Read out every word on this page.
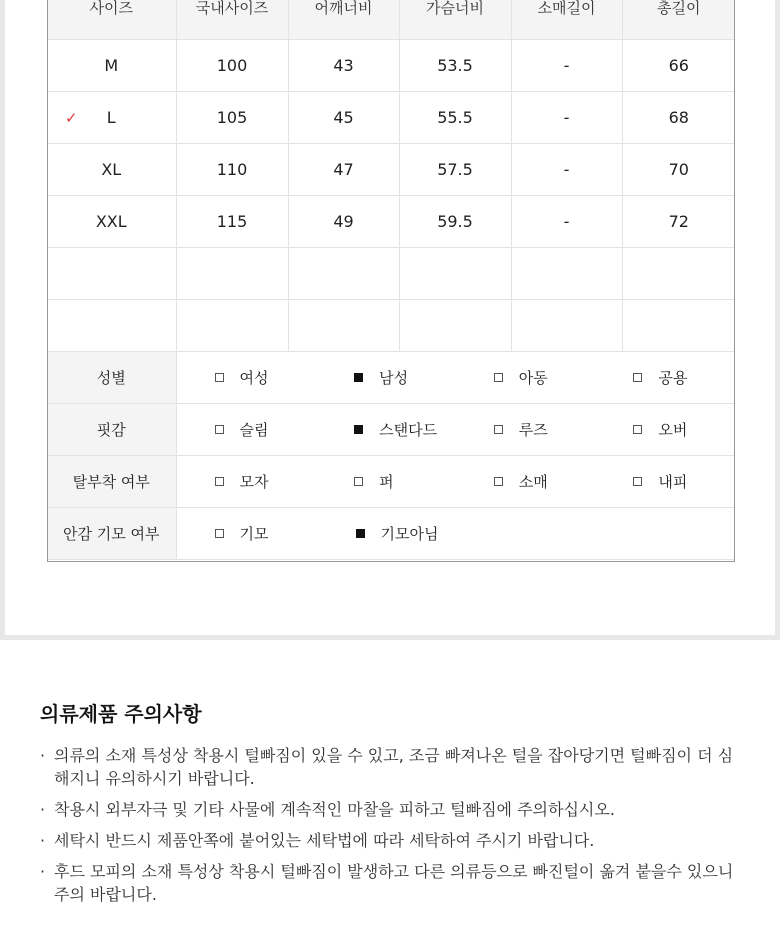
사이즈	국내사이즈	어깨너비	가슴너비	소매길이	총길이
M	100	43	53.5	-	66

✓ L	105	45	55.5	-	68
XL	110	47	57.5	-	70
XXL	115	49	59.5	-	72

성별	여성 남성 아동 공용				

핏감	슬림 스탠다드 루즈 오버				

탈부착 여부	모자 퍼 소매 내피				

안감 기모 여부	기모 기모아님				
의류제품 주의사항
· 의류의 소재 특성상 착용시 털빠짐이 있을 수 있고, 조금 빠져나온 털을 잡아당기면 털빠짐이 더 심해지니 유의하시기 바랍니다.
· 착용시 외부자극 및 기타 사물에 계속적인 마찰을 피하고 털빠짐에 주의하십시오.
· 세탁시 반드시 제품안쪽에 붙어있는 세탁법에 따라 세탁하여 주시기 바랍니다.
· 후드 모피의 소재 특성상 착용시 털빠짐이 발생하고 다른 의류등으로 빠진털이 옮겨 붙을수 있으니 주의 바랍니다.
